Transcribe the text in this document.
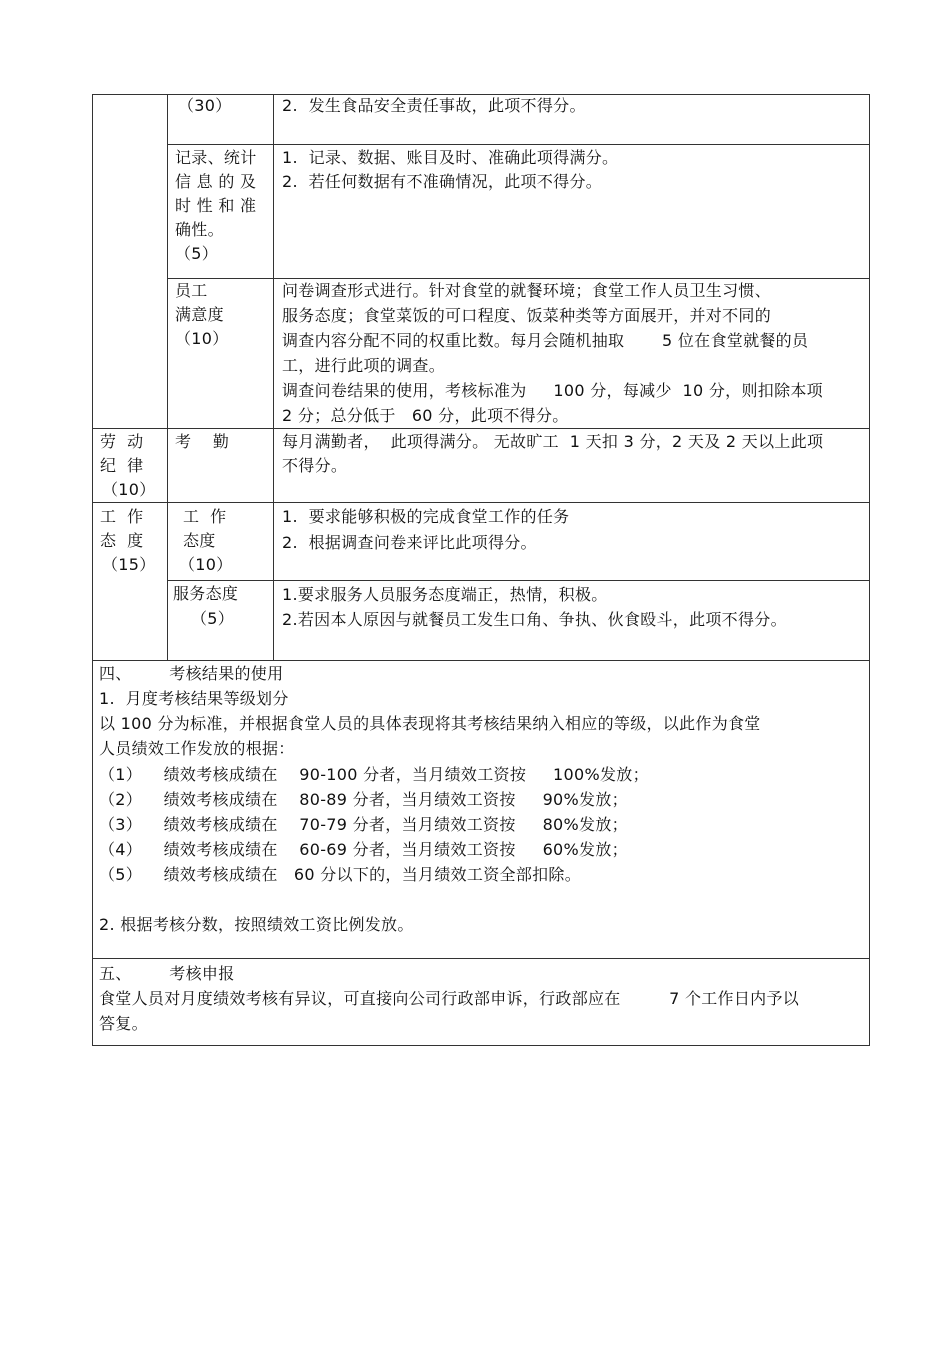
（30）	2.  发生食品安全责任事故，此项不得分。
记录、统计
信 息 的 及
时 性 和 准
确性。
（5）
1.  记录、数据、账目及时、准确此项得满分。
2.  若任何数据有不准确情况，此项不得分。
员工
满意度
（10）
问卷调查形式进行。针对食堂的就餐环境；食堂工作人员卫生习惯、
服务态度；食堂菜饭的可口程度、饭菜种类等方面展开，并对不同的
调查内容分配不同的权重比数。每月会随机抽取       5 位在食堂就餐的员
工，进行此项的调查。
调查问卷结果的使用，考核标准为     100 分，每减少  10 分，则扣除本项
2 分；总分低于   60 分，此项不得分。
劳  动
纪  律
（10）
考    勤	每月满勤者，  此项得满分。 无故旷工  1 天扣 3 分，2 天及 2 天以上此项
不得分。
工  作
态  度
（15）
工  作
态度
（10）
1.  要求能够积极的完成食堂工作的任务
2.  根据调查问卷来评比此项得分。
服务态度
（5）
1.要求服务人员服务态度端正，热情，积极。
2.若因本人原因与就餐员工发生口角、争执、伙食殴斗，此项不得分。
四、       考核结果的使用
1.  月度考核结果等级划分
以 100 分为标准，并根据食堂人员的具体表现将其考核结果纳入相应的等级，以此作为食堂
人员绩效工作发放的根据：
（1）    绩效考核成绩在    90-100 分者，当月绩效工资按     100%发放；
（2）    绩效考核成绩在    80-89 分者，当月绩效工资按     90%发放；
（3）    绩效考核成绩在    70-79 分者，当月绩效工资按     80%发放；
（4）    绩效考核成绩在    60-69 分者，当月绩效工资按     60%发放；
（5）    绩效考核成绩在   60 分以下的，当月绩效工资全部扣除。
2. 根据考核分数，按照绩效工资比例发放。
五、       考核申报
食堂人员对月度绩效考核有异议，可直接向公司行政部申诉，行政部应在         7 个工作日内予以
答复。
